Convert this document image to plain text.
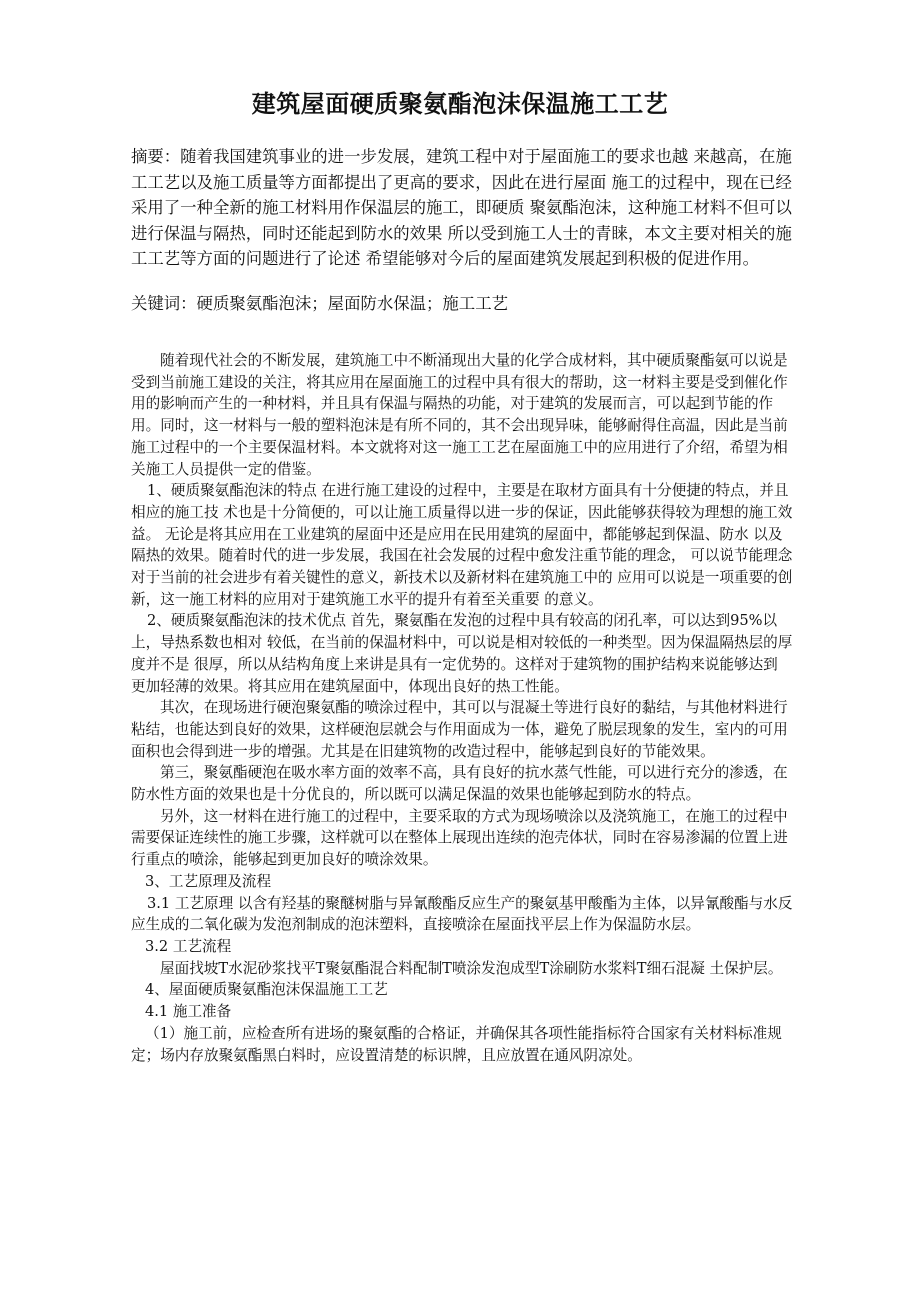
建筑屋面硬质聚氨酯泡沫保温施工工艺

摘要：随着我国建筑事业的进一步发展，建筑工程中对于屋面施工的要求也越 来越高，在施工工艺以及施工质量等方面都提出了更高的要求，因此在进行屋面 施工的过程中，现在已经采用了一种全新的施工材料用作保温层的施工，即硬质 聚氨酯泡沫，这种施工材料不但可以进行保温与隔热，同时还能起到防水的效果 所以受到施工人士的青睐，本文主要对相关的施工工艺等方面的问题进行了论述 希望能够对今后的屋面建筑发展起到积极的促进作用。

关键词：硬质聚氨酯泡沫；屋面防水保温；施工工艺

随着现代社会的不断发展，建筑施工中不断涌现出大量的化学合成材料，其中硬质聚酯氨可以说是受到当前施工建设的关注，将其应用在屋面施工的过程中具有很大的帮助，这一材料主要是受到催化作用的影响而产生的一种材料，并且具有保温与隔热的功能，对于建筑的发展而言，可以起到节能的作用。同时，这一材料与一般的塑料泡沫是有所不同的，其不会出现异味，能够耐得住高温，因此是当前施工过程中的一个主要保温材料。本文就将对这一施工工艺在屋面施工中的应用进行了介绍，希望为相关施工人员提供一定的借鉴。

1、硬质聚氨酯泡沫的特点 在进行施工建设的过程中，主要是在取材方面具有十分便捷的特点，并且相应的施工技 术也是十分简便的，可以让施工质量得以进一步的保证，因此能够获得较为理想的施工效益。 无论是将其应用在工业建筑的屋面中还是应用在民用建筑的屋面中，都能够起到保温、防水 以及隔热的效果。随着时代的进一步发展，我国在社会发展的过程中愈发注重节能的理念， 可以说节能理念对于当前的社会进步有着关键性的意义，新技术以及新材料在建筑施工中的 应用可以说是一项重要的创新，这一施工材料的应用对于建筑施工水平的提升有着至关重要 的意义。

2、硬质聚氨酯泡沫的技术优点 首先，聚氨酯在发泡的过程中具有较高的闭孔率，可以达到95%以上，导热系数也相对 较低，在当前的保温材料中，可以说是相对较低的一种类型。因为保温隔热层的厚度并不是 很厚，所以从结构角度上来讲是具有一定优势的。这样对于建筑物的围护结构来说能够达到 更加轻薄的效果。将其应用在建筑屋面中，体现出良好的热工性能。

其次，在现场进行硬泡聚氨酯的喷涂过程中，其可以与混凝土等进行良好的黏结，与其他材料进行粘结，也能达到良好的效果，这样硬泡层就会与作用面成为一体，避免了脱层现象的发生，室内的可用面积也会得到进一步的增强。尤其是在旧建筑物的改造过程中，能够起到良好的节能效果。

第三，聚氨酯硬泡在吸水率方面的效率不高，具有良好的抗水蒸气性能，可以进行充分的渗透，在防水性方面的效果也是十分优良的，所以既可以满足保温的效果也能够起到防水的特点。

另外，这一材料在进行施工的过程中，主要采取的方式为现场喷涂以及浇筑施工，在施工的过程中需要保证连续性的施工步骤，这样就可以在整体上展现出连续的泡壳体状，同时在容易渗漏的位置上进行重点的喷涂，能够起到更加良好的喷涂效果。

3、工艺原理及流程

3.1 工艺原理 以含有羟基的聚醚树脂与异氰酸酯反应生产的聚氨基甲酸酯为主体，以异氰酸酯与水反 应生成的二氧化碳为发泡剂制成的泡沫塑料，直接喷涂在屋面找平层上作为保温防水层。

3.2 工艺流程

屋面找坡T水泥砂浆找平T聚氨酯混合料配制T喷涂发泡成型T涂刷防水浆料T细石混凝 土保护层。

4、屋面硬质聚氨酯泡沫保温施工工艺

4.1 施工准备

（1）施工前，应检查所有进场的聚氨酯的合格证，并确保其各项性能指标符合国家有关材料标准规定；场内存放聚氨酯黑白料时，应设置清楚的标识牌，且应放置在通风阴凉处。
